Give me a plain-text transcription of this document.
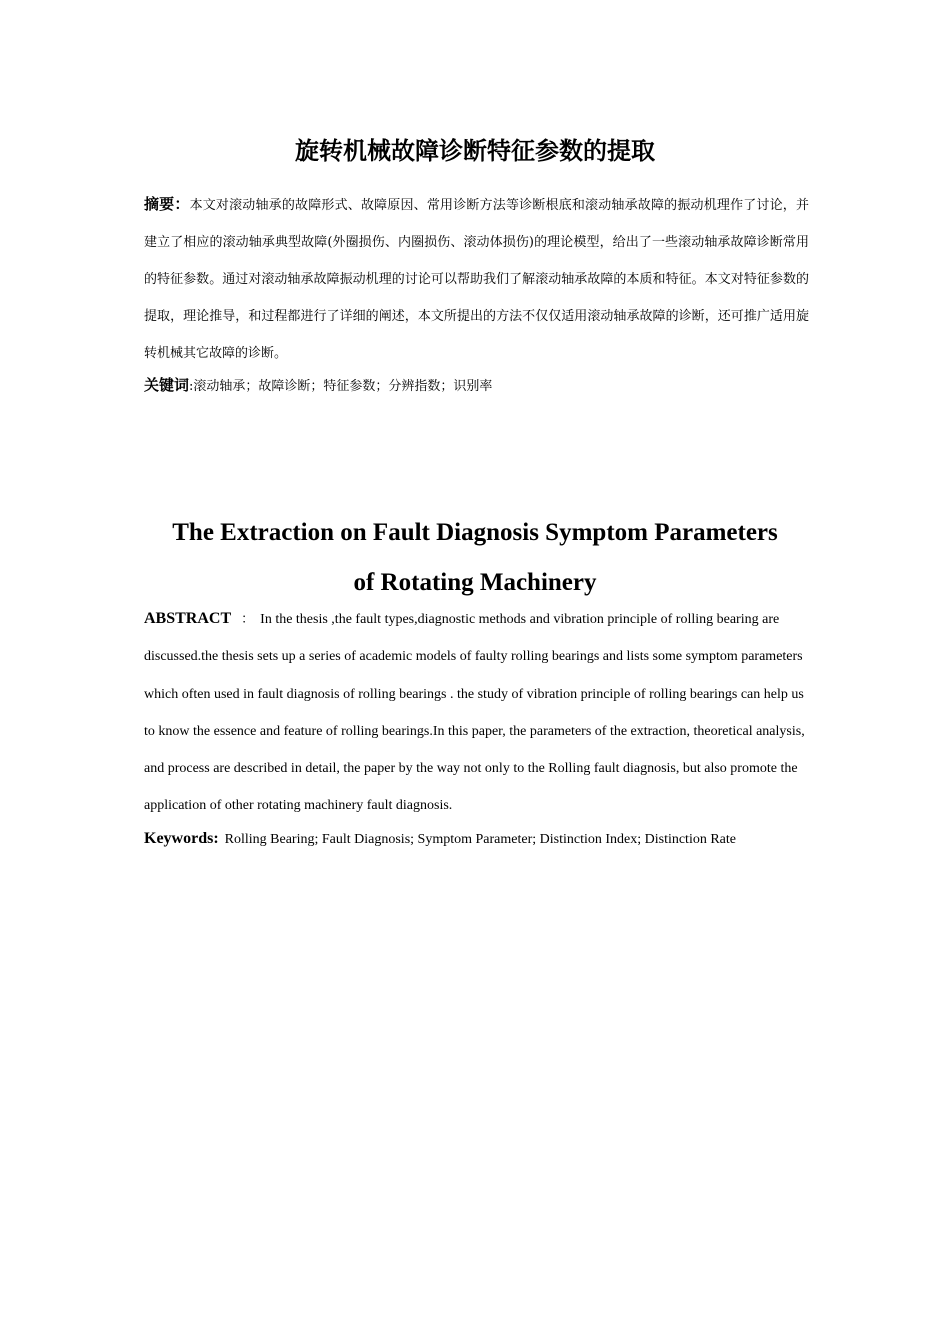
旋转机械故障诊断特征参数的提取

摘要：本文对滚动轴承的故障形式、故障原因、常用诊断方法等诊断根底和滚动轴承故障的振动机理作了讨论，并建立了相应的滚动轴承典型故障(外圈损伤、内圈损伤、滚动体损伤)的理论模型，给出了一些滚动轴承故障诊断常用的特征参数。通过对滚动轴承故障振动机理的讨论可以帮助我们了解滚动轴承故障的本质和特征。本文对特征参数的提取，理论推导，和过程都进行了详细的阐述，本文所提出的方法不仅仅适用滚动轴承故障的诊断，还可推广适用旋转机械其它故障的诊断。

关键词:滚动轴承；故障诊断；特征参数；分辨指数；识别率

The Extraction on Fault Diagnosis Symptom Parameters
of Rotating Machinery

ABSTRACT ： In the thesis ,the fault types,diagnostic methods and vibration principle of rolling bearing are discussed.the thesis sets up a series of academic models of faulty rolling bearings and lists some symptom parameters which often used in fault diagnosis of rolling bearings . the study of vibration principle of rolling bearings can help us to know the essence and feature of rolling bearings.In this paper, the parameters of the extraction, theoretical analysis, and process are described in detail, the paper by the way not only to the Rolling fault diagnosis, but also promote the application of other rotating machinery fault diagnosis.

Keywords: Rolling Bearing; Fault Diagnosis; Symptom Parameter; Distinction Index; Distinction Rate
